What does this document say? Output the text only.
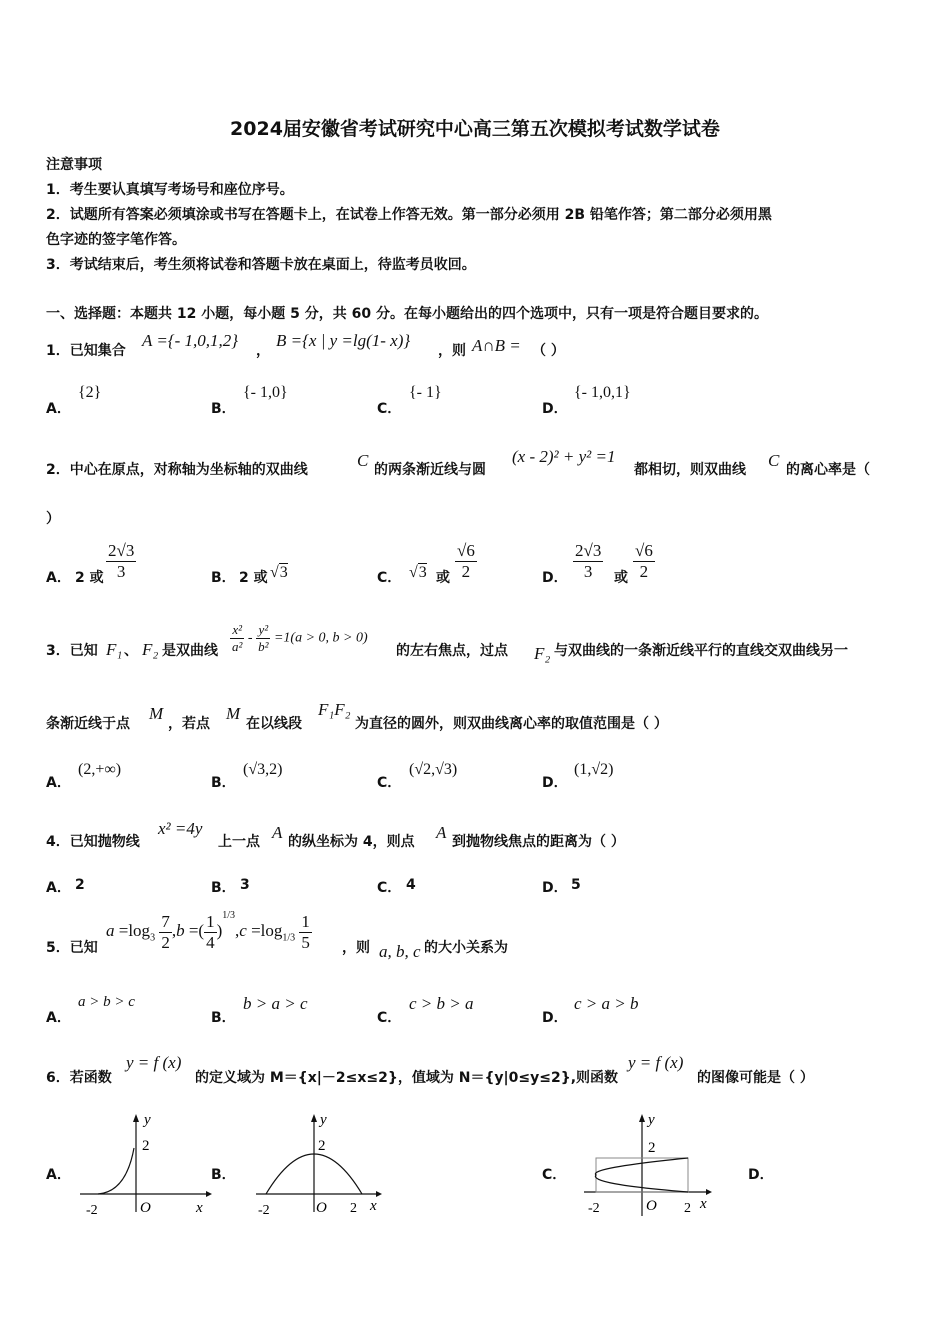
2024届安徽省考试研究中心高三第五次模拟考试数学试卷
注意事项
1．考生要认真填写考场号和座位序号。
2．试题所有答案必须填涂或书写在答题卡上，在试卷上作答无效。第一部分必须用 2B 铅笔作答；第二部分必须用黑
色字迹的签字笔作答。
3．考试结束后，考生须将试卷和答题卡放在桌面上，待监考员收回。
一、选择题：本题共 12 小题，每小题 5 分，共 60 分。在每小题给出的四个选项中，只有一项是符合题目要求的。
1．已知集合
A ={- 1,0,1,2}
，
B ={x | y =lg(1- x)}
，则 A∩B = （ ）
A．
{2}
B．
{- 1,0}
C．
{- 1}
D．
{- 1,0,1}
2．中心在原点，对称轴为坐标轴的双曲线	C 的两条渐近线与圆
(x - 2)² + y² =1
都相切，则双曲线 C 的离心率是（
）
A． 2 或 $\frac{2√3}{3}$	B． 2 或 √3	C． √3 或 $\frac{√6}{2}$	D． $\frac{2√3}{3}$ 或 $\frac{√6}{2}$
3．已知 F₁ 、 F₂ 是双曲线 $\frac{\text{x²}}{\text{a²}} - \frac{\text{y²}}{\text{b²}} =1(a > 0$, b > 0)
的左右焦点，过点 F₂ 与双曲线的一条渐近线平行的直线交双曲线另一
条渐近线于点
M
，若点
M
在以线段
F₁F₂
为直径的圆外，则双曲线离心率的取值范围是（ ）
A．
(2,+∞)
B．
(√3,2)
C．
(√2,√3)
D．
(1,√2)
4．已知抛物线
x² =4y
上一点 A 的纵坐标为 4，则点 A 到抛物线焦点的距离为（ ）
A． 2	B． 3	C． 4	D． 5
5．已知
$a =\log_3 \frac{7}{2} ,b$ =( $\frac{1}{4} )^{1/3},c =\log_{1/3} \frac{1}{5}$ ，则 a, b, c 的大小关系为
A．
a > b > c
B．
b > a > c
C．
c > b > a
D．
c > a > b
6．若函数
y = f (x)
的定义域为 M＝{x|－2≤x≤2}，值域为 N＝{y|0≤y≤2},则函数
y = f (x)
的图像可能是（ ）
A．	B．	C．	D．
y
2
x
O
-2
y
2
x
O
-2	2
y
2
x
O
-2	2
